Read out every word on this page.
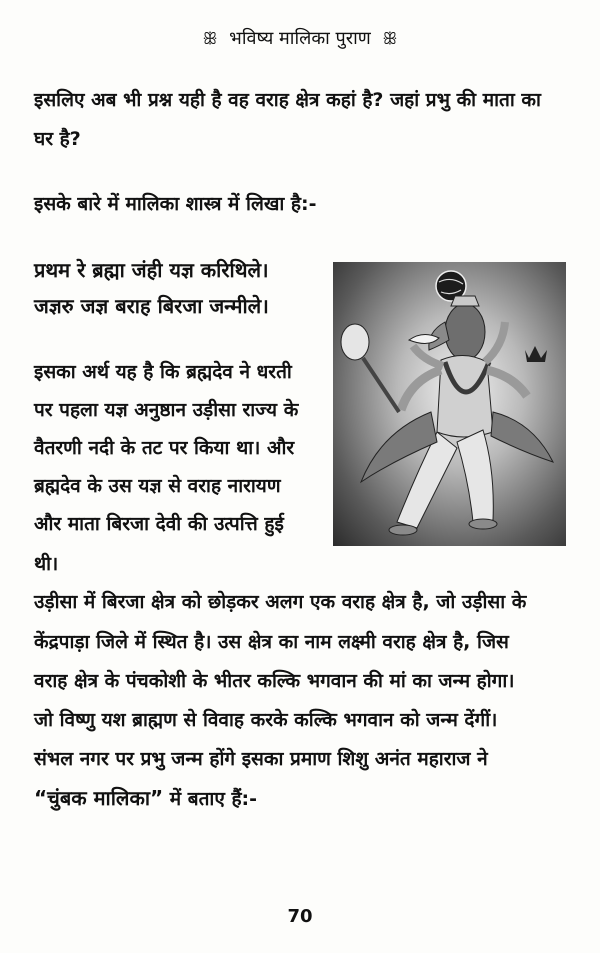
ꕥ भविष्य मालिका पुराण ꕥ
इसलिए अब भी प्रश्न यही है वह वराह क्षेत्र कहां है? जहां प्रभु की माता का
घर है?
इसके बारे में मालिका शास्त्र में लिखा है:-
प्रथम रे ब्रह्मा जंही यज्ञ करिथिले।
जज्ञरु जज्ञ बराह बिरजा जन्मीले।
इसका अर्थ यह है कि ब्रह्मदेव ने धरती
पर पहला यज्ञ अनुष्ठान उड़ीसा राज्य के
वैतरणी नदी के तट पर किया था। और
ब्रह्मदेव के उस यज्ञ से वराह नारायण
और माता बिरजा देवी की उत्पत्ति हुई
थी।
उड़ीसा में बिरजा क्षेत्र को छोड़कर अलग एक वराह क्षेत्र है, जो उड़ीसा के
केंद्रपाड़ा जिले में स्थित है। उस क्षेत्र का नाम लक्ष्मी वराह क्षेत्र है, जिस
वराह क्षेत्र के पंचकोशी के भीतर कल्कि भगवान की मां का जन्म होगा।
जो विष्णु यश ब्राह्मण से विवाह करके कल्कि भगवान को जन्म देंगीं।
संभल नगर पर प्रभु जन्म होंगे इसका प्रमाण शिशु अनंत महाराज ने
“चुंबक मालिका” में बताए हैं:-
70
